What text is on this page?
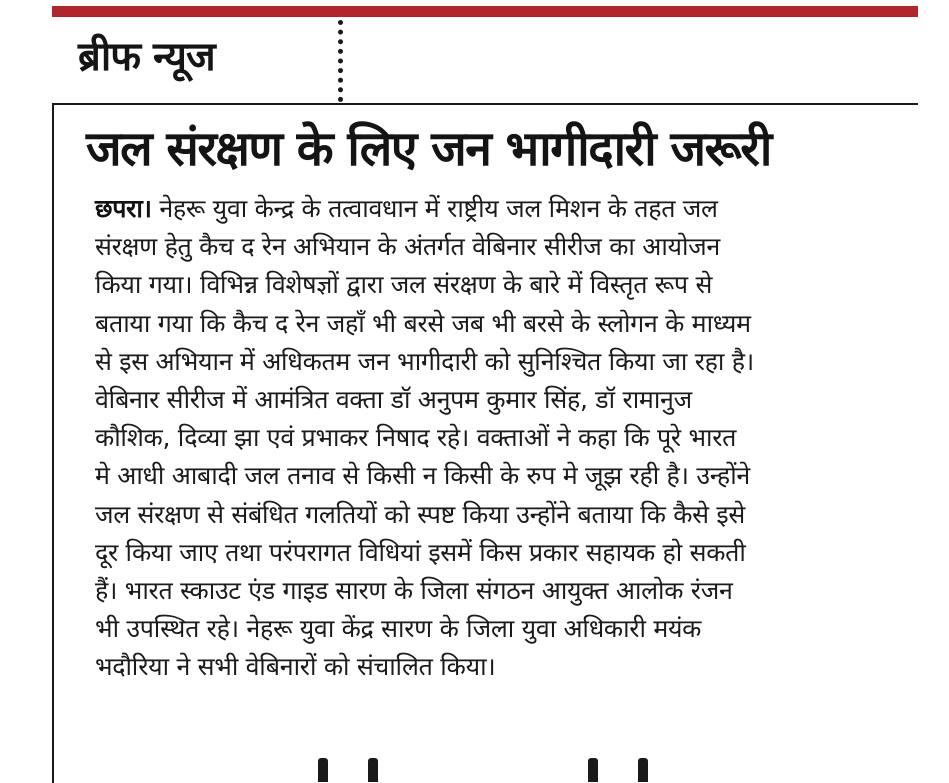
ब्रीफ न्यूज
जल संरक्षण के लिए जन भागीदारी जरूरी
छपरा। नेहरू युवा केन्द्र के तत्वावधान में राष्ट्रीय जल मिशन के तहत जल
संरक्षण हेतु कैच द रेन अभियान के अंतर्गत वेबिनार सीरीज का आयोजन
किया गया। विभिन्न विशेषज्ञों द्वारा जल संरक्षण के बारे में विस्तृत रूप से
बताया गया कि कैच द रेन जहाँ भी बरसे जब भी बरसे के स्लोगन के माध्यम
से इस अभियान में अधिकतम जन भागीदारी को सुनिश्चित किया जा रहा है।
वेबिनार सीरीज में आमंत्रित वक्ता डॉ अनुपम कुमार सिंह, डॉ रामानुज
कौशिक, दिव्या झा एवं प्रभाकर निषाद रहे। वक्ताओं ने कहा कि पूरे भारत
मे आधी आबादी जल तनाव से किसी न किसी के रुप मे जूझ रही है। उन्होंने
जल संरक्षण से संबंधित गलतियों को स्पष्ट किया उन्होंने बताया कि कैसे इसे
दूर किया जाए तथा परंपरागत विधियां इसमें किस प्रकार सहायक हो सकती
हैं। भारत स्काउट एंड गाइड सारण के जिला संगठन आयुक्त आलोक रंजन
भी उपस्थित रहे। नेहरू युवा केंद्र सारण के जिला युवा अधिकारी मयंक
भदौरिया ने सभी वेबिनारों को संचालित किया।
